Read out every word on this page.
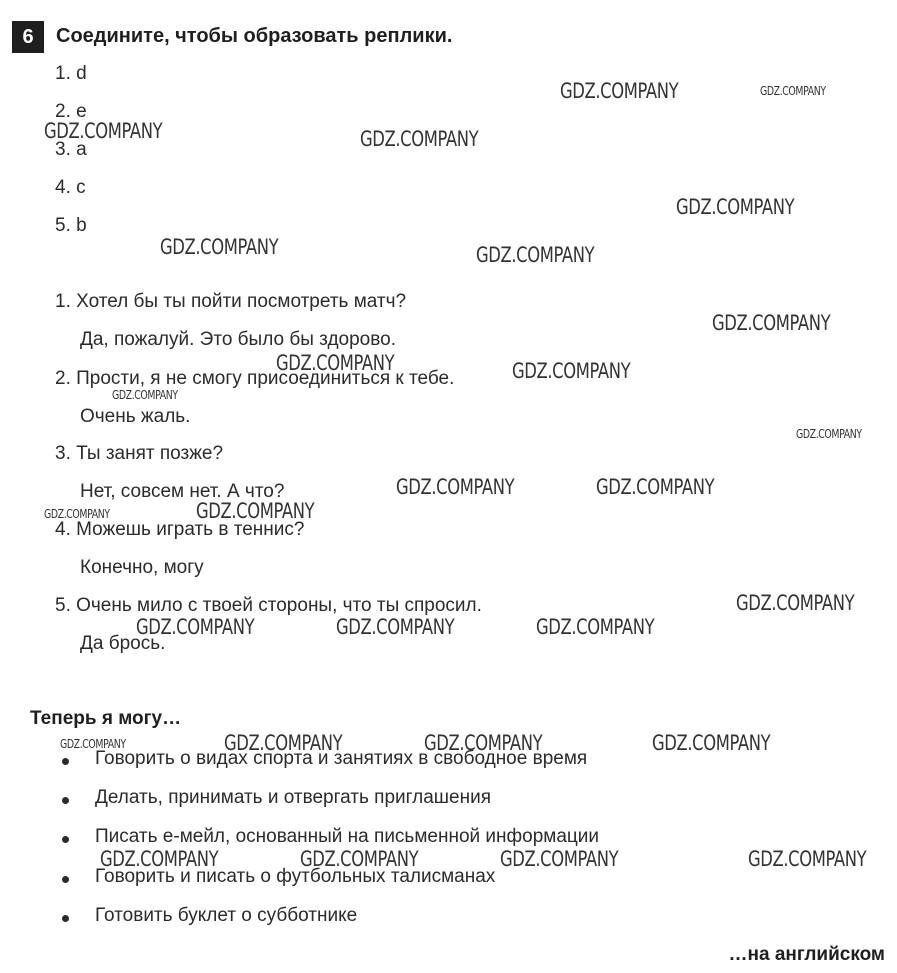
6	Соедините, чтобы образовать реплики.
1. d
2. e
3. a
4. c
5. b
1. Хотел бы ты пойти посмотреть матч?
Да, пожалуй. Это было бы здорово.
2. Прости, я не смогу присоединиться к тебе.
Очень жаль.
3. Ты занят позже?
Нет, совсем нет. А что?
4. Можешь играть в теннис?
Конечно, могу
5. Очень мило с твоей стороны, что ты спросил.
Да брось.
Теперь я могу…
Говорить о видах спорта и занятиях в свободное время
Делать, принимать и отвергать приглашения
Писать е-мейл, основанный на письменной информации
Говорить и писать о футбольных талисманах
Готовить буклет о субботнике
…на английском
GDZ.COMPANY	GDZ.COMPANY
GDZ.COMPANY	GDZ.COMPANY
GDZ.COMPANY
GDZ.COMPANY	GDZ.COMPANY
GDZ.COMPANY
GDZ.COMPANY	GDZ.COMPANY
GDZ.COMPANY
GDZ.COMPANY
GDZ.COMPANY	GDZ.COMPANY
GDZ.COMPANY
GDZ.COMPANY
GDZ.COMPANY
GDZ.COMPANY	GDZ.COMPANY	GDZ.COMPANY
GDZ.COMPANY	GDZ.COMPANY	GDZ.COMPANY	GDZ.COMPANY
GDZ.COMPANY	GDZ.COMPANY	GDZ.COMPANY	GDZ.COMPANY
